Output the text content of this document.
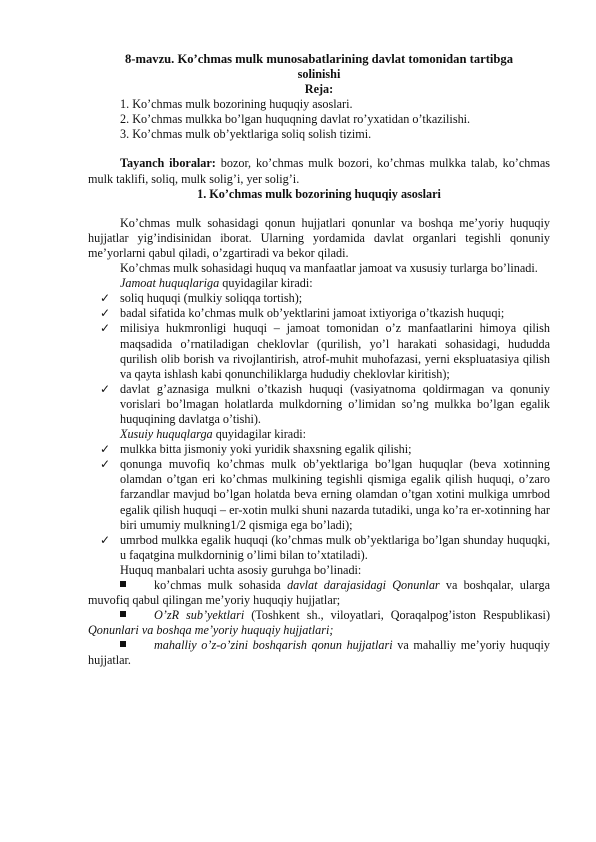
8-mavzu. Ko’chmas mulk munosabatlarining davlat tomonidan tartibga
solinishi
Reja:
1. Ko’chmas mulk bozorining huquqiy asoslari.
2. Ko’chmas mulkka bo’lgan huquqning davlat ro’yxatidan o’tkazilishi.
3. Ko’chmas mulk ob’yektlariga soliq solish tizimi.

Tayanch iboralar: bozor, ko’chmas mulk bozori, ko’chmas mulkka talab, ko’chmas mulk taklifi, soliq, mulk solig’i, yer solig’i.

1. Ko’chmas mulk bozorining huquqiy asoslari

Ko’chmas mulk sohasidagi qonun hujjatlari qonunlar va boshqa me’yoriy huquqiy hujjatlar yig’indisinidan iborat. Ularning yordamida davlat organlari tegishli qonuniy me’yorlarni qabul qiladi, o’zgartiradi va bekor qiladi.

Ko’chmas mulk sohasidagi huquq va manfaatlar jamoat va xususiy turlarga bo’linadi.

Jamoat huquqlariga quyidagilar kiradi:
✓ soliq huquqi (mulkiy soliqqa tortish);
✓ badal sifatida ko’chmas mulk ob’yektlarini jamoat ixtiyoriga o’tkazish huquqi;
✓ milisiya hukmronligi huquqi – jamoat tomonidan o’z manfaatlarini himoya qilish maqsadida o’rnatiladigan cheklovlar (qurilish, yo’l harakati sohasidagi, hududda qurilish olib borish va rivojlantirish, atrof-muhit muhofazasi, yerni ekspluatasiya qilish va qayta ishlash kabi qonunchiliklarga hududiy cheklovlar kiritish);
✓ davlat g’aznasiga mulkni o’tkazish huquqi (vasiyatnoma qoldirmagan va qonuniy vorislari bo’lmagan holatlarda mulkdorning o’limidan so’ng mulkka bo’lgan egalik huquqining davlatga o’tishi).
Xusuiy huquqlarga quyidagilar kiradi:
✓ mulkka bitta jismoniy yoki yuridik shaxsning egalik qilishi;
✓ qonunga muvofiq ko’chmas mulk ob’yektlariga bo’lgan huquqlar (beva xotinning olamdan o’tgan eri ko’chmas mulkining tegishli qismiga egalik qilish huquqi, o’zaro farzandlar mavjud bo’lgan holatda beva erning olamdan o’tgan xotini mulkiga umrbod egalik qilish huquqi – er-xotin mulki shuni nazarda tutadiki, unga ko’ra er-xotinning har biri umumiy mulkning1/2 qismiga ega bo’ladi);
✓ umrbod mulkka egalik huquqi (ko’chmas mulk ob’yektlariga bo’lgan shunday huquqki, u faqatgina mulkdorninig o’limi bilan to’xtatiladi).
Huquq manbalari uchta asosiy guruhga bo’linadi:
ko’chmas mulk sohasida davlat darajasidagi Qonunlar va boshqalar, ularga muvofiq qabul qilingan me’yoriy huquqiy hujjatlar;
O’zR sub’yektlari (Toshkent sh., viloyatlari, Qoraqalpog’iston Respublikasi) Qonunlari va boshqa me’yoriy huquqiy hujjatlari;
mahalliy o’z-o’zini boshqarish qonun hujjatlari va mahalliy me’yoriy huquqiy hujjatlar.
